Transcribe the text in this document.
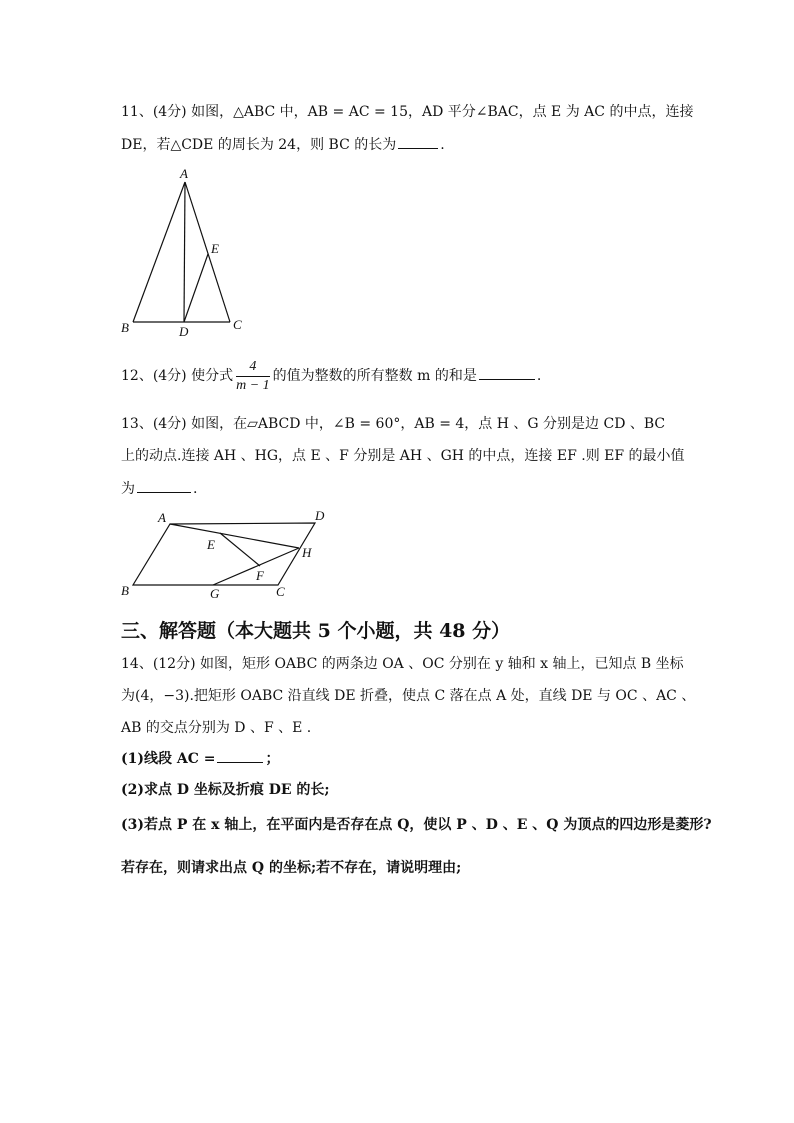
11、(4分) 如图，△ABC 中，AB = AC = 15，AD 平分∠BAC，点 E 为 AC 的中点，连接
DE，若△CDE 的周长为 24，则 BC 的长为	.
A
B	C
D
E
12、(4分) 使分式 $\frac{4}{m - 1}$ 的值为整数的所有整数 m 的和是	.
13、(4分) 如图，在▱ABCD 中，∠B = 60°，AB = 4，点 H 、G 分别是边 CD 、BC
上的动点.连接 AH 、HG，点 E 、F 分别是 AH 、GH 的中点，连接 EF .则 EF 的最小值
为	.
A	D
E
H
F
B	G	C
三、解答题（本大题共 5 个小题，共 48 分）
14、(12分) 如图，矩形 OABC 的两条边 OA 、OC 分别在 y 轴和 x 轴上，已知点 B 坐标
为(4，−3).把矩形 OABC 沿直线 DE 折叠，使点 C 落在点 A 处，直线 DE 与 OC 、AC 、
AB 的交点分别为 D 、F 、E .
(1)线段 AC =	；
(2)求点 D 坐标及折痕 DE 的长;
(3)若点 P 在 x 轴上，在平面内是否存在点 Q，使以 P 、D 、E 、Q 为顶点的四边形是菱形?
若存在，则请求出点 Q 的坐标;若不存在，请说明理由;
